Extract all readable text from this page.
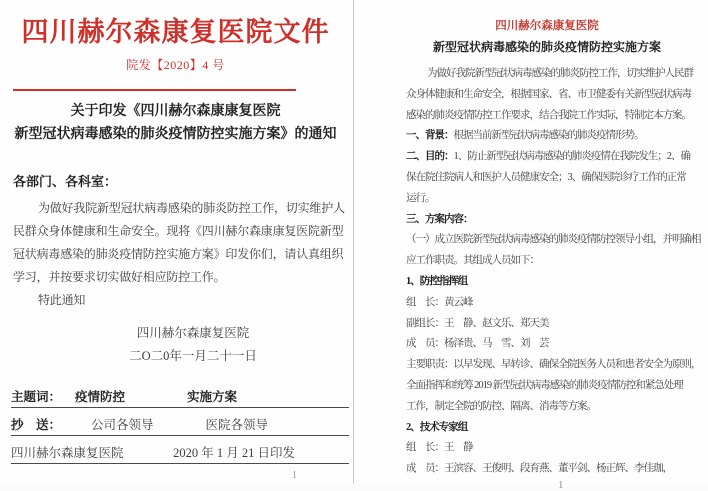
四川赫尔森康复医院文件
院发【2020】4 号
关于印发《四川赫尔森康康复医院
新型冠状病毒感染的肺炎疫情防控实施方案》的通知
各部门、各科室：
为做好我院新型冠状病毒感染的肺炎防控工作，切实维护人
民群众身体健康和生命安全。现将《四川赫尔森康康复医院新型
冠状病毒感染的肺炎疫情防控实施方案》印发你们，请认真组织
学习，并按要求切实做好相应防控工作。
特此通知
四川赫尔森康复医院
二O二0年一月二十一日
主题词： 疫情防控	实施方案
抄　送： 公司各领导	医院各领导
四川赫尔森康复医院	2020 年 1 月 21 日印发
1
四川赫尔森康复医院
新型冠状病毒感染的肺炎疫情防控实施方案
为做好我院新型冠状病毒感染的肺炎防控工作，切实维护人民群
众身体健康和生命安全，根据国家、省、市卫健委有关新型冠状病毒
感染的肺炎疫情防控工作要求，结合我院工作实际，特制定本方案。
一、背景：根据当前新型冠状病毒感染的肺炎疫情形势。
二、目的：1、防止新型冠状病毒感染的肺炎疫情在我院发生；2、确
保在院住院病人和医护人员健康安全；3、确保医院诊疗工作的正常
运行。
三、方案内容：
（一）成立医院新型冠状病毒感染的肺炎疫情防控领导小组，并明确相
应工作职责。其组成人员如下：
1、防控指挥组
组　长：黄云峰
副组长：王　静、赵文乐、郑天美
成　员：杨泽贵、马　雪、刘　芸
主要职责：以早发现、早转诊、确保全院医务人员和患者安全为原则，
全面指挥和统筹 2019 新型冠状病毒感染的肺炎疫情防控和紧急处理
工作，制定全院的防控、隔离、消毒等方案。
2、技术专家组
组　长：王　静
成　员：王滨容、王俊明、段育燕、董平剑、杨正辉、李佳珈，
1
